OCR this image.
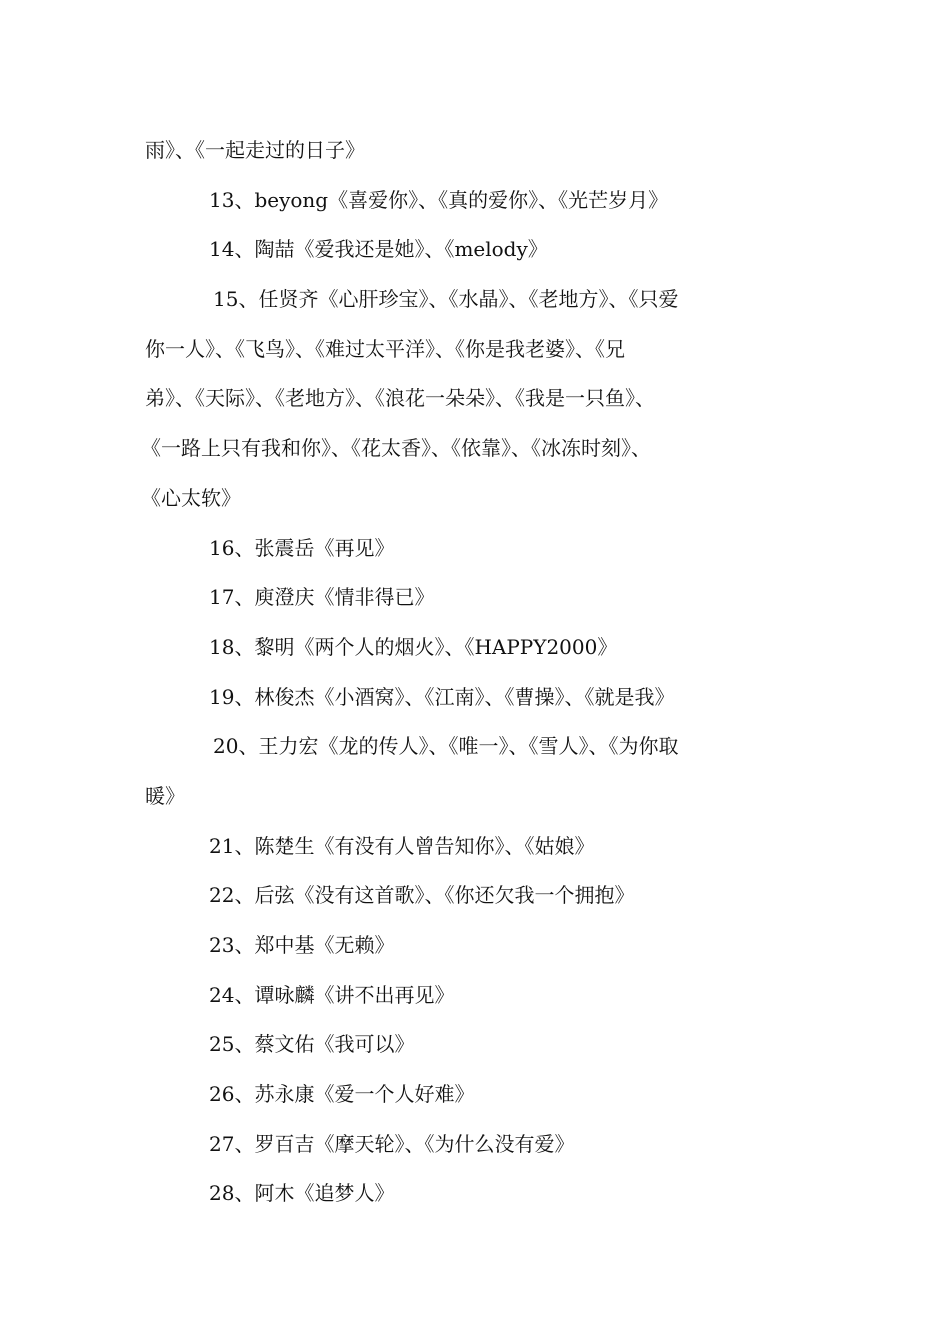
雨》、《一起走过的日子》
13、beyong《喜爱你》、《真的爱你》、《光芒岁月》
14、陶喆《爱我还是她》、《melody》
15、任贤齐《心肝珍宝》、《水晶》、《老地方》、《只爱
你一人》、《飞鸟》、《难过太平洋》、《你是我老婆》、《兄
弟》、《天际》、《老地方》、《浪花一朵朵》、《我是一只鱼》、
《一路上只有我和你》、《花太香》、《依靠》、《冰冻时刻》、
《心太软》
16、张震岳《再见》
17、庾澄庆《情非得已》
18、黎明《两个人的烟火》、《HAPPY2000》
19、林俊杰《小酒窝》、《江南》、《曹操》、《就是我》
20、王力宏《龙的传人》、《唯一》、《雪人》、《为你取
暖》
21、陈楚生《有没有人曾告知你》、《姑娘》
22、后弦《没有这首歌》、《你还欠我一个拥抱》
23、郑中基《无赖》
24、谭咏麟《讲不出再见》
25、蔡文佑《我可以》
26、苏永康《爱一个人好难》
27、罗百吉《摩天轮》、《为什么没有爱》
28、阿木《追梦人》
